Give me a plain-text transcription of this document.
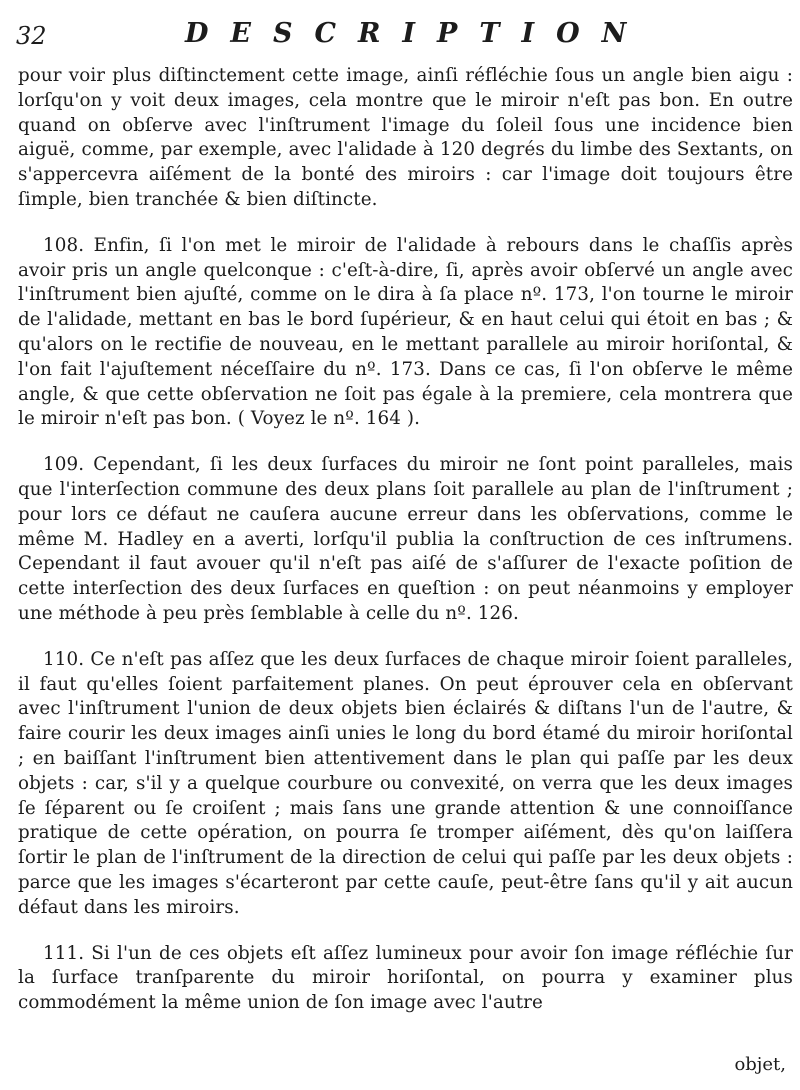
32	DESCRIPTION

pour voir plus diſtinctement cette image, ainſi réfléchie ſous un angle bien aigu : lorſqu'on y voit deux images, cela montre que le miroir n'eſt pas bon. En outre quand on obſerve avec l'inſtrument l'image du ſoleil ſous une incidence bien aiguë, comme, par exemple, avec l'alidade à 120 degrés du limbe des Sextants, on s'appercevra aiſément de la bonté des miroirs : car l'image doit toujours être ſimple, bien tranchée & bien diſtincte.

108. Enfin, ſi l'on met le miroir de l'alidade à rebours dans le chaſſis après avoir pris un angle quelconque : c'eſt-à-dire, ſi, après avoir obſervé un angle avec l'inſtrument bien ajuſté, comme on le dira à ſa place nº. 173, l'on tourne le miroir de l'alidade, mettant en bas le bord ſupérieur, & en haut celui qui étoit en bas ; & qu'alors on le rectifie de nouveau, en le mettant parallele au miroir horiſontal, & l'on fait l'ajuſtement néceſſaire du nº. 173. Dans ce cas, ſi l'on obſerve le même angle, & que cette obſervation ne ſoit pas égale à la premiere, cela montrera que le miroir n'eſt pas bon. ( Voyez le nº. 164 ).

109. Cependant, ſi les deux ſurfaces du miroir ne ſont point paralleles, mais que l'interſection commune des deux plans ſoit parallele au plan de l'inſtrument ; pour lors ce défaut ne cauſera aucune erreur dans les obſervations, comme le même M. Hadley en a averti, lorſqu'il publia la conſtruction de ces inſtrumens. Cependant il faut avouer qu'il n'eſt pas aiſé de s'aſſurer de l'exacte poſition de cette interſection des deux ſurfaces en queſtion : on peut néanmoins y employer une méthode à peu près ſemblable à celle du nº. 126.

110. Ce n'eſt pas aſſez que les deux ſurfaces de chaque miroir ſoient paralleles, il faut qu'elles ſoient parfaitement planes. On peut éprouver cela en obſervant avec l'inſtrument l'union de deux objets bien éclairés & diſtans l'un de l'autre, & faire courir les deux images ainſi unies le long du bord étamé du miroir horiſontal ; en baiſſant l'inſtrument bien attentivement dans le plan qui paſſe par les deux objets : car, s'il y a quelque courbure ou convexité, on verra que les deux images ſe ſéparent ou ſe croiſent ; mais ſans une grande attention & une connoiſſance pratique de cette opération, on pourra ſe tromper aiſément, dès qu'on laiſſera ſortir le plan de l'inſtrument de la direction de celui qui paſſe par les deux objets : parce que les images s'écarteront par cette cauſe, peut-être ſans qu'il y ait aucun défaut dans les miroirs.

111. Si l'un de ces objets eſt aſſez lumineux pour avoir ſon image réfléchie ſur la ſurface tranſparente du miroir horiſontal, on pourra y examiner plus commodément la même union de ſon image avec l'autre

objet,
